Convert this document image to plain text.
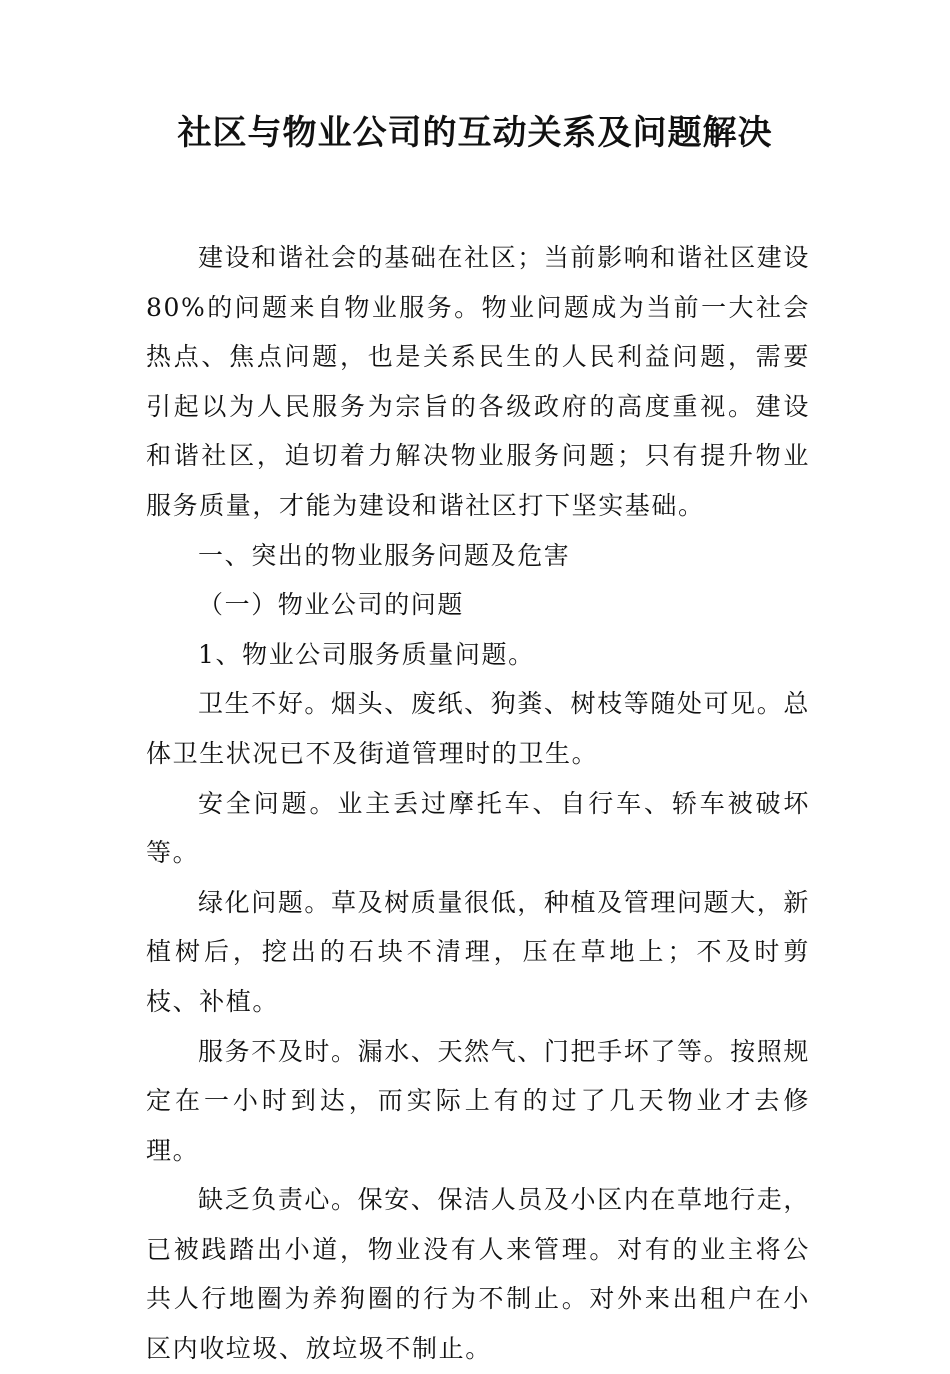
社区与物业公司的互动关系及问题解决

建设和谐社会的基础在社区；当前影响和谐社区建设80%的问题来自物业服务。物业问题成为当前一大社会热点、焦点问题，也是关系民生的人民利益问题，需要引起以为人民服务为宗旨的各级政府的高度重视。建设和谐社区，迫切着力解决物业服务问题；只有提升物业服务质量，才能为建设和谐社区打下坚实基础。

一、突出的物业服务问题及危害

（一）物业公司的问题

1、物业公司服务质量问题。

卫生不好。烟头、废纸、狗粪、树枝等随处可见。总体卫生状况已不及街道管理时的卫生。

安全问题。业主丢过摩托车、自行车、轿车被破坏等。

绿化问题。草及树质量很低，种植及管理问题大，新植树后，挖出的石块不清理，压在草地上；不及时剪枝、补植。

服务不及时。漏水、天然气、门把手坏了等。按照规定在一小时到达，而实际上有的过了几天物业才去修理。

缺乏负责心。保安、保洁人员及小区内在草地行走，已被践踏出小道，物业没有人来管理。对有的业主将公共人行地圈为养狗圈的行为不制止。对外来出租户在小区内收垃圾、放垃圾不制止。
